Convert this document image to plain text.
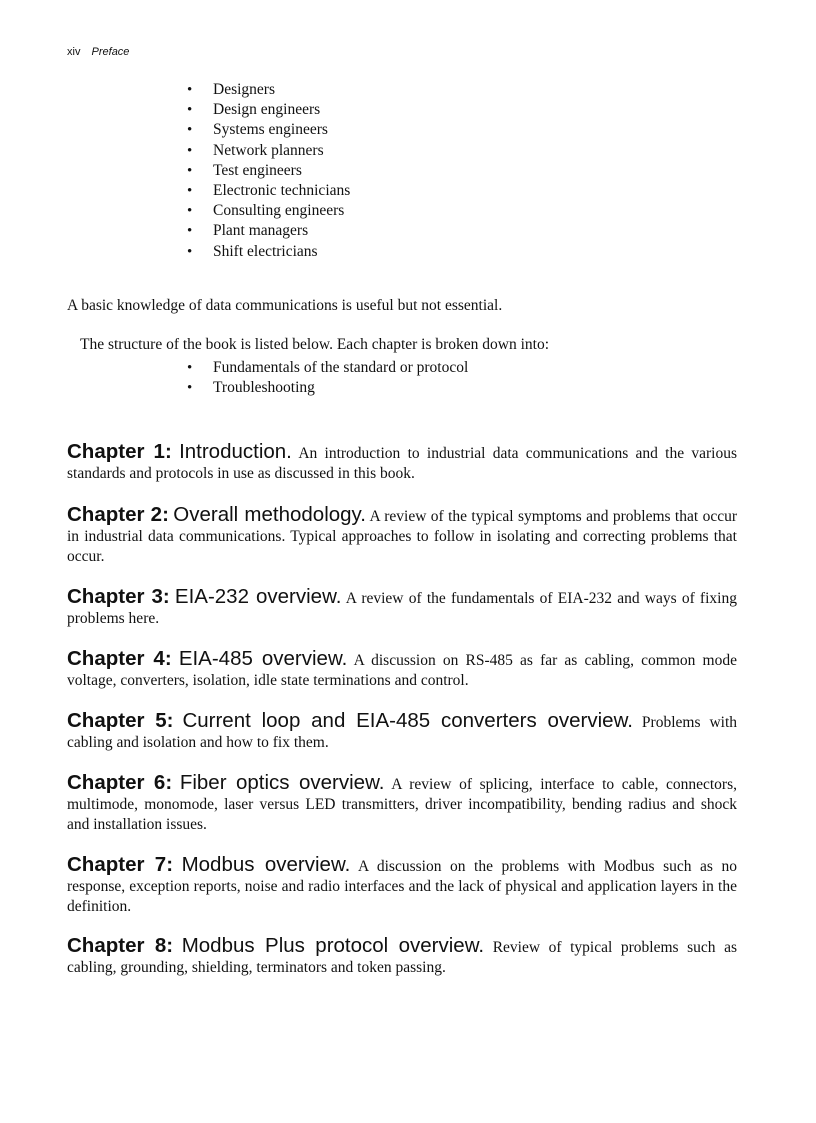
xiv Preface
• Designers
• Design engineers
• Systems engineers
• Network planners
• Test engineers
• Electronic technicians
• Consulting engineers
• Plant managers
• Shift electricians
A basic knowledge of data communications is useful but not essential.
The structure of the book is listed below. Each chapter is broken down into:
• Fundamentals of the standard or protocol
• Troubleshooting
Chapter 1: Introduction. An introduction to industrial data communications and the various standards and protocols in use as discussed in this book.
Chapter 2: Overall methodology. A review of the typical symptoms and problems that occur in industrial data communications. Typical approaches to follow in isolating and correcting problems that occur.
Chapter 3: EIA-232 overview. A review of the fundamentals of EIA-232 and ways of fixing problems here.
Chapter 4: EIA-485 overview. A discussion on RS-485 as far as cabling, common mode voltage, converters, isolation, idle state terminations and control.
Chapter 5: Current loop and EIA-485 converters overview. Problems with cabling and isolation and how to fix them.
Chapter 6: Fiber optics overview. A review of splicing, interface to cable, connectors, multimode, monomode, laser versus LED transmitters, driver incompatibility, bending radius and shock and installation issues.
Chapter 7: Modbus overview. A discussion on the problems with Modbus such as no response, exception reports, noise and radio interfaces and the lack of physical and application layers in the definition.
Chapter 8: Modbus Plus protocol overview. Review of typical problems such as cabling, grounding, shielding, terminators and token passing.
